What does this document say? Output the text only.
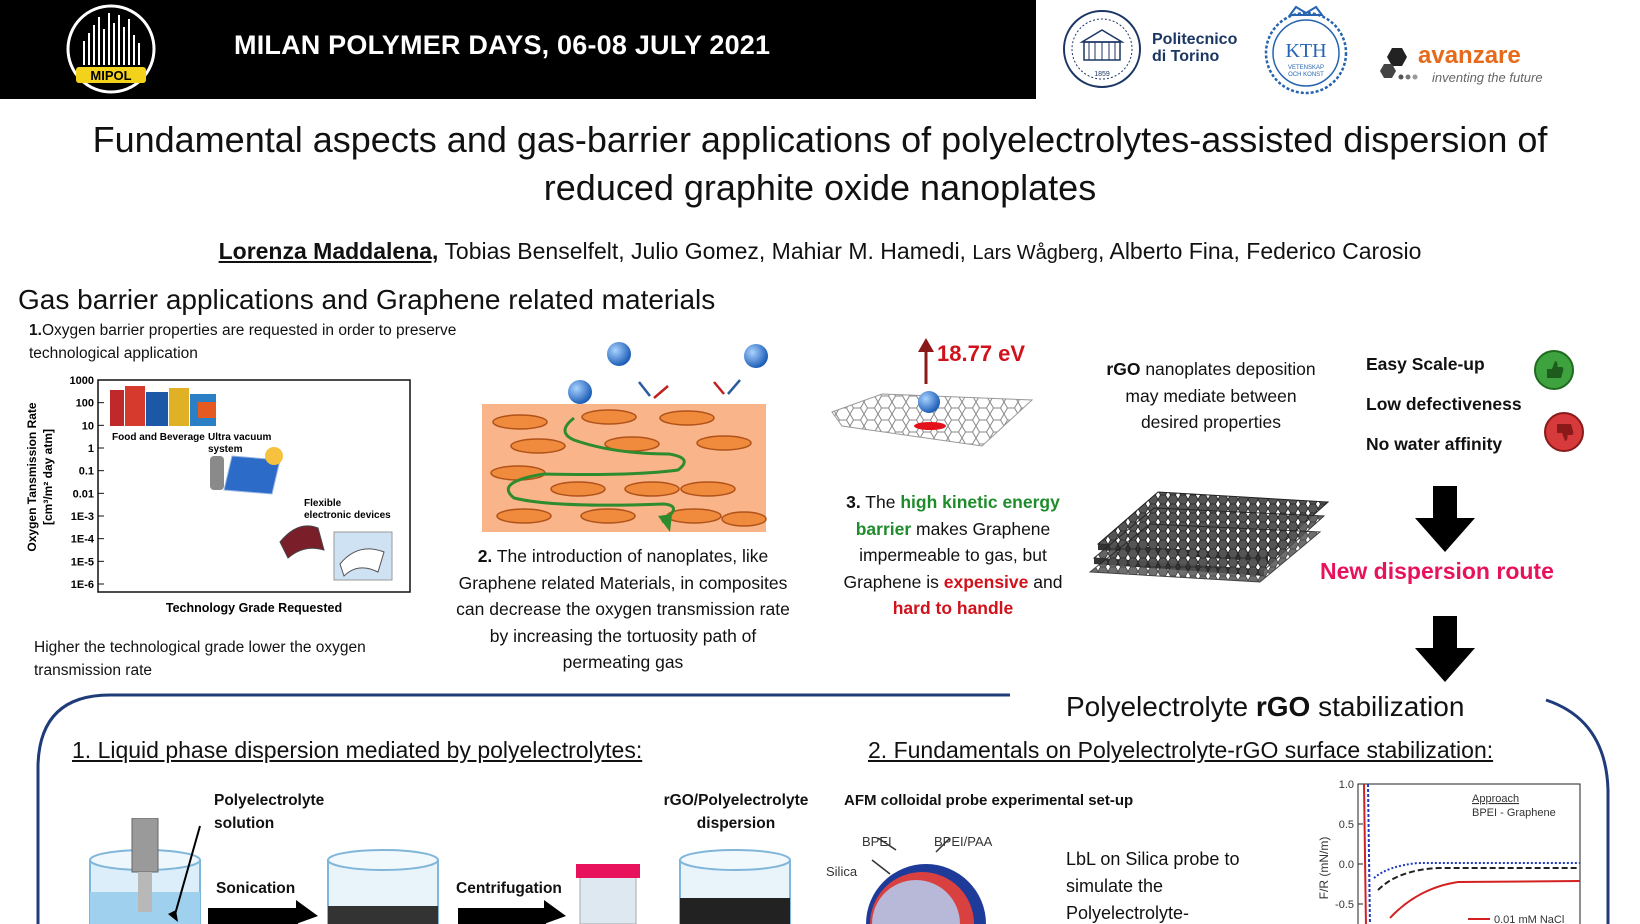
MIPOL
MILAN POLYMER DAYS, 06-08 JULY 2021
1859
Politecnico
di Torino	KTH
VETENSKAP
OCH KONST
avanzare
inventing the future
Fundamental aspects and gas-barrier applications of polyelectrolytes-assisted dispersion of
reduced graphite oxide nanoplates
Lorenza Maddalena, Tobias Benselfelt, Julio Gomez, Mahiar M. Hamedi, Lars Wågberg, Alberto Fina, Federico Carosio
Gas barrier applications and Graphene related materials
1.Oxygen barrier properties are requested in order to preserve technological application
1000
100
10
1
0.1
0.01
1E-3
1E-4
1E-5
1E-6
Oxygen Tansmission Rate [cm³/m² day atm]
Technology Grade Requested
Food and Beverage Ultra vacuum
system
Flexible
electronic devices
Higher the technological grade lower the oxygen transmission rate
2. The introduction of nanoplates, like Graphene related Materials, in composites can decrease the oxygen transmission rate by increasing the tortuosity path of permeating gas
18.77 eV
3. The high kinetic energy barrier makes Graphene impermeable to gas, but Graphene is expensive and hard to handle
rGO nanoplates deposition may mediate between desired properties
Easy Scale-up
Low defectiveness
No water affinity
New dispersion route
Polyelectrolyte rGO stabilization
1. Liquid phase dispersion mediated by polyelectrolytes:	2. Fundamentals on Polyelectrolyte-rGO surface stabilization:
Polyelectrolyte
solution
Sonication	Centrifugation
rGO/Polyelectrolyte
dispersion
AFM colloidal probe experimental set-up
BPEI	BPEI/PAA
Silica
LbL on Silica probe to
simulate the
Polyelectrolyte-
1.0
0.5
0.0
-0.5
F/R (mN/m)
Approach
BPEI - Graphene
0.01 mM NaCl
